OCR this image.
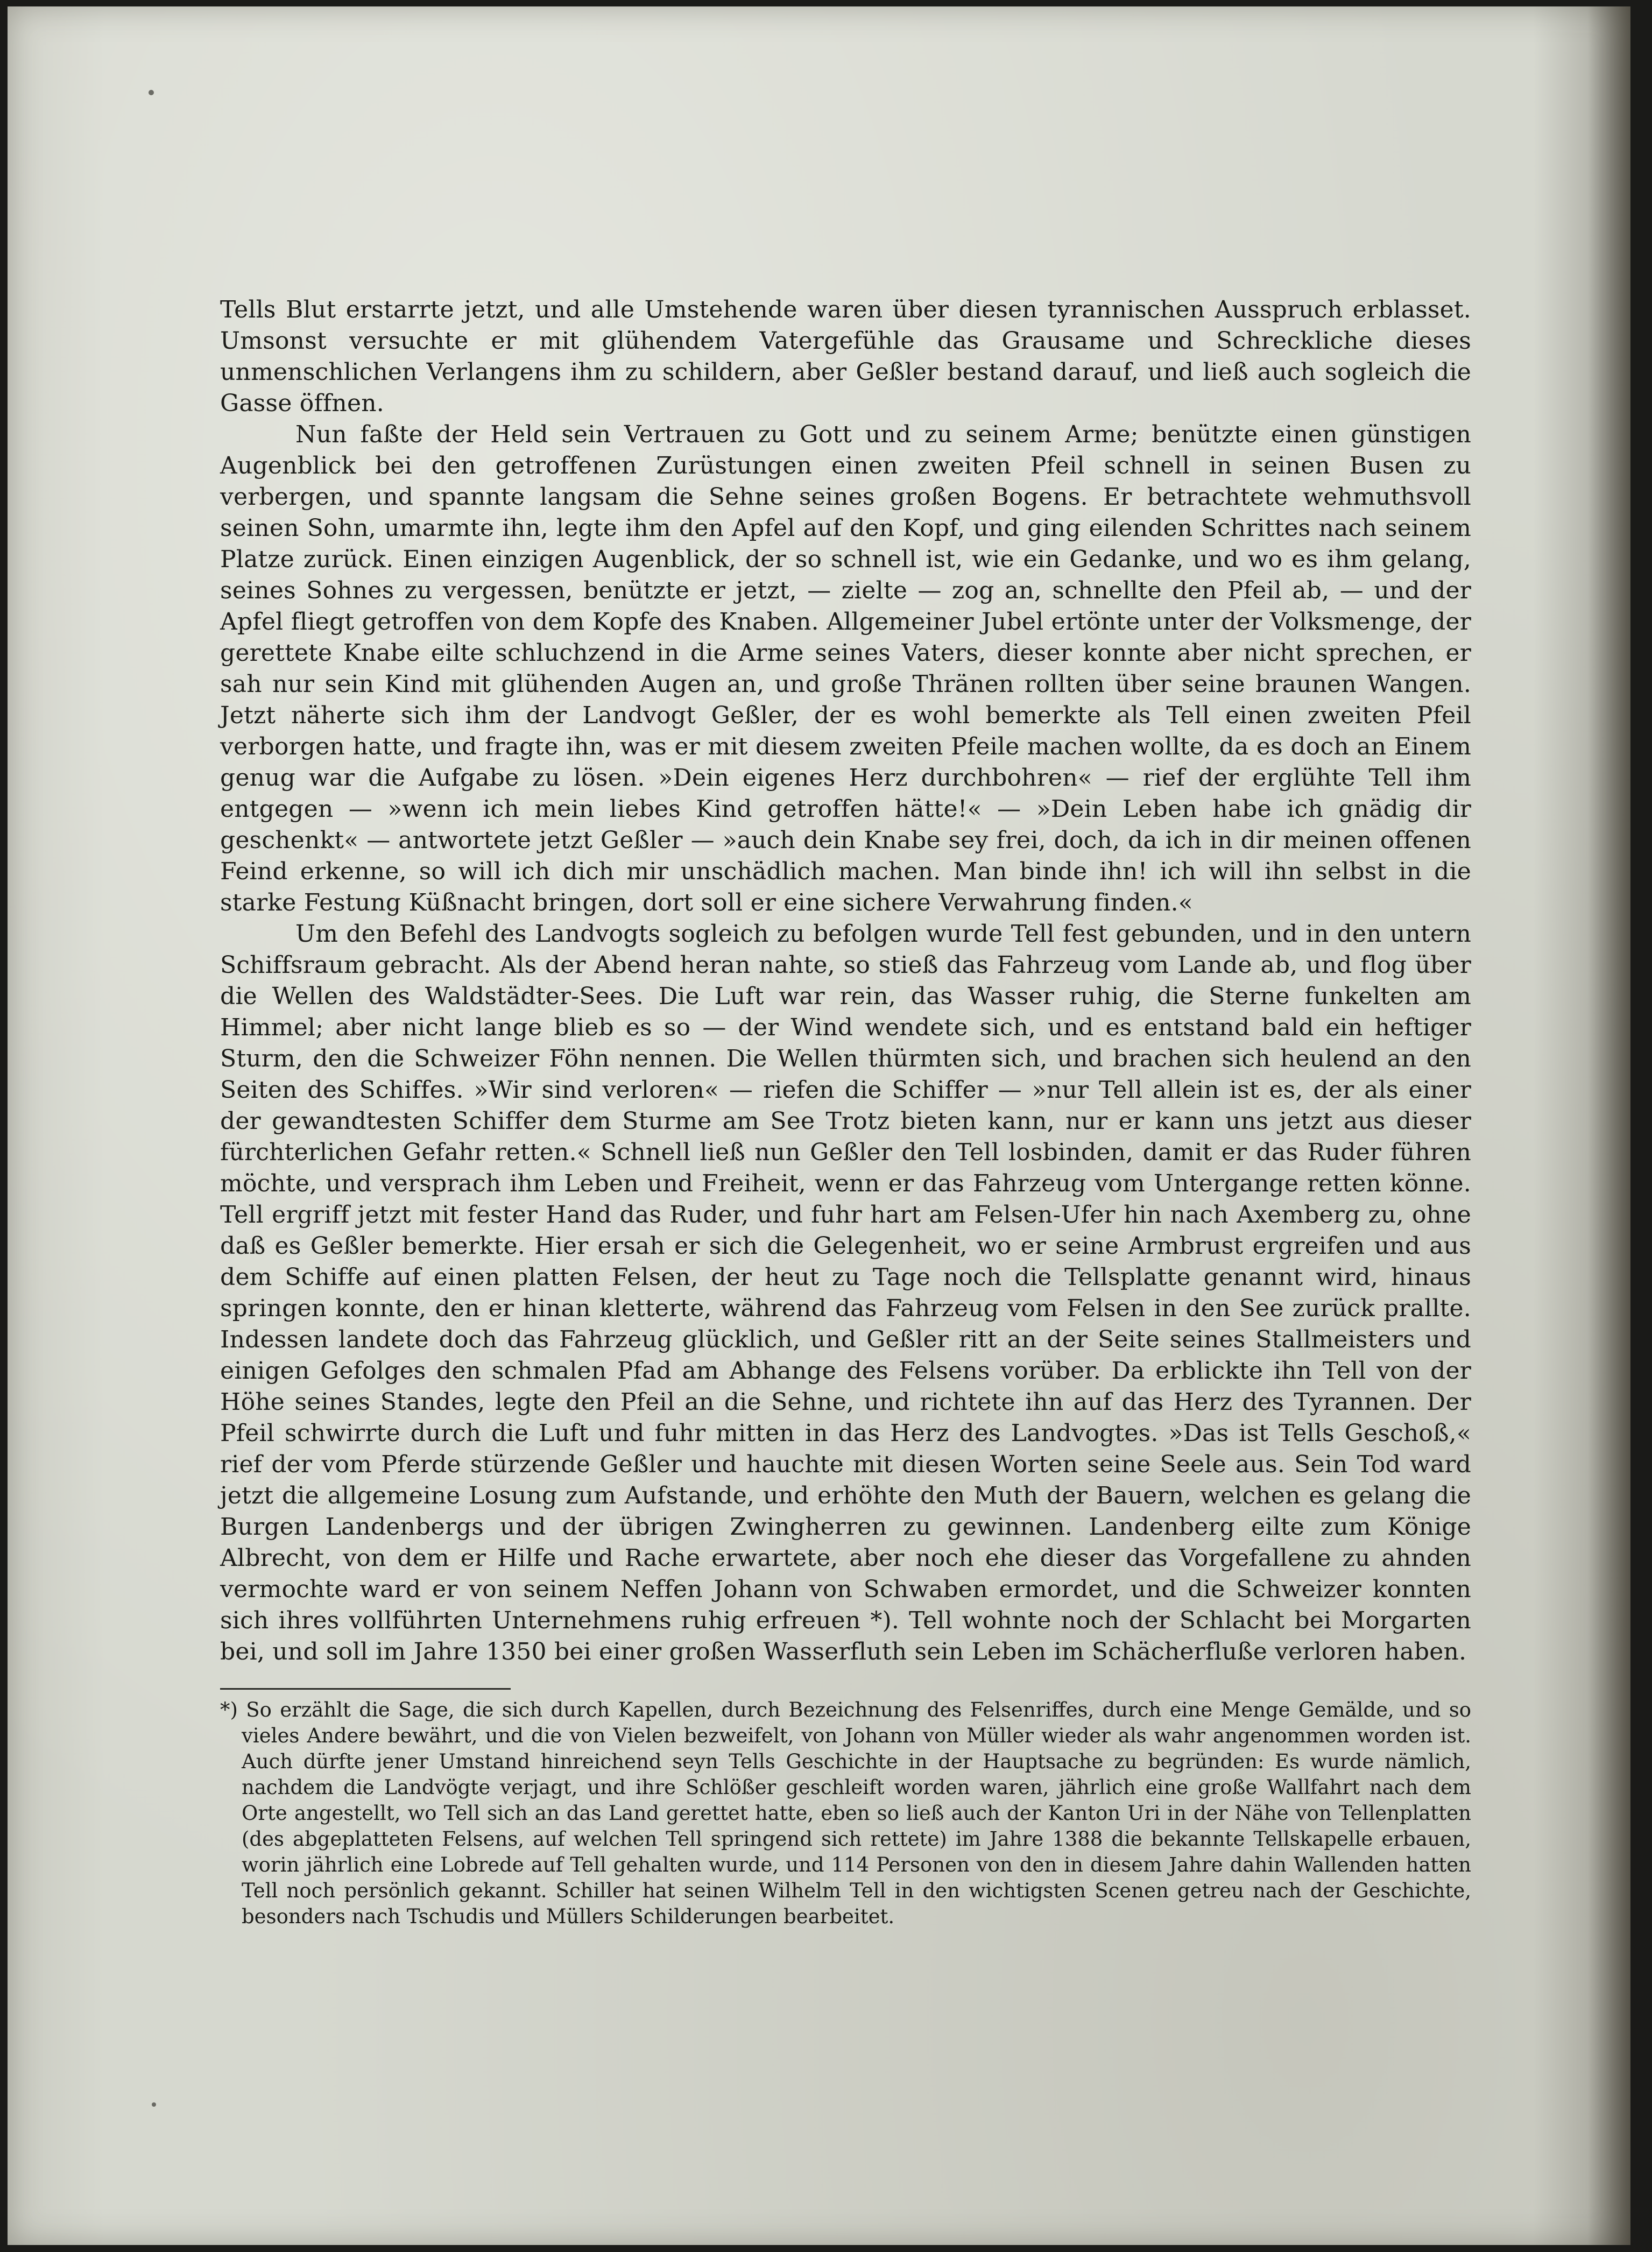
Tells Blut erstarrte jetzt, und alle Umstehende waren über diesen tyrannischen Ausspruch erblasset. Umsonst versuchte er mit glühendem Vatergefühle das Grausame und Schreckliche dieses unmenschlichen Verlangens ihm zu schildern, aber Geßler bestand darauf, und ließ auch sogleich die Gasse öffnen.

Nun faßte der Held sein Vertrauen zu Gott und zu seinem Arme; benützte einen günstigen Augenblick bei den getroffenen Zurüstungen einen zweiten Pfeil schnell in seinen Busen zu verbergen, und spannte langsam die Sehne seines großen Bogens. Er betrachtete wehmuthsvoll seinen Sohn, umarmte ihn, legte ihm den Apfel auf den Kopf, und ging eilenden Schrittes nach seinem Platze zurück. Einen einzigen Augenblick, der so schnell ist, wie ein Gedanke, und wo es ihm gelang, seines Sohnes zu vergessen, benützte er jetzt, — zielte — zog an, schnellte den Pfeil ab, — und der Apfel fliegt getroffen von dem Kopfe des Knaben. Allgemeiner Jubel ertönte unter der Volksmenge, der gerettete Knabe eilte schluchzend in die Arme seines Vaters, dieser konnte aber nicht sprechen, er sah nur sein Kind mit glühenden Augen an, und große Thränen rollten über seine braunen Wangen. Jetzt näherte sich ihm der Landvogt Geßler, der es wohl bemerkte als Tell einen zweiten Pfeil verborgen hatte, und fragte ihn, was er mit diesem zweiten Pfeile machen wollte, da es doch an Einem genug war die Aufgabe zu lösen. »Dein eigenes Herz durchbohren« — rief der erglühte Tell ihm entgegen — »wenn ich mein liebes Kind getroffen hätte!« — »Dein Leben habe ich gnädig dir geschenkt« — antwortete jetzt Geßler — »auch dein Knabe sey frei, doch, da ich in dir meinen offenen Feind erkenne, so will ich dich mir unschädlich machen. Man binde ihn! ich will ihn selbst in die starke Festung Küßnacht bringen, dort soll er eine sichere Verwahrung finden.«

Um den Befehl des Landvogts sogleich zu befolgen wurde Tell fest gebunden, und in den untern Schiffsraum gebracht. Als der Abend heran nahte, so stieß das Fahrzeug vom Lande ab, und flog über die Wellen des Waldstädter-Sees. Die Luft war rein, das Wasser ruhig, die Sterne funkelten am Himmel; aber nicht lange blieb es so — der Wind wendete sich, und es entstand bald ein heftiger Sturm, den die Schweizer Föhn nennen. Die Wellen thürmten sich, und brachen sich heulend an den Seiten des Schiffes. »Wir sind verloren« — riefen die Schiffer — »nur Tell allein ist es, der als einer der gewandtesten Schiffer dem Sturme am See Trotz bieten kann, nur er kann uns jetzt aus dieser fürchterlichen Gefahr retten.« Schnell ließ nun Geßler den Tell losbinden, damit er das Ruder führen möchte, und versprach ihm Leben und Freiheit, wenn er das Fahrzeug vom Untergange retten könne. Tell ergriff jetzt mit fester Hand das Ruder, und fuhr hart am Felsen-Ufer hin nach Axemberg zu, ohne daß es Geßler bemerkte. Hier ersah er sich die Gelegenheit, wo er seine Armbrust ergreifen und aus dem Schiffe auf einen platten Felsen, der heut zu Tage noch die Tellsplatte genannt wird, hinaus springen konnte, den er hinan kletterte, während das Fahrzeug vom Felsen in den See zurück prallte. Indessen landete doch das Fahrzeug glücklich, und Geßler ritt an der Seite seines Stallmeisters und einigen Gefolges den schmalen Pfad am Abhange des Felsens vorüber. Da erblickte ihn Tell von der Höhe seines Standes, legte den Pfeil an die Sehne, und richtete ihn auf das Herz des Tyrannen. Der Pfeil schwirrte durch die Luft und fuhr mitten in das Herz des Landvogtes. »Das ist Tells Geschoß,« rief der vom Pferde stürzende Geßler und hauchte mit diesen Worten seine Seele aus. Sein Tod ward jetzt die allgemeine Losung zum Aufstande, und erhöhte den Muth der Bauern, welchen es gelang die Burgen Landenbergs und der übrigen Zwingherren zu gewinnen. Landenberg eilte zum Könige Albrecht, von dem er Hilfe und Rache erwartete, aber noch ehe dieser das Vorgefallene zu ahnden vermochte ward er von seinem Neffen Johann von Schwaben ermordet, und die Schweizer konnten sich ihres vollführten Unternehmens ruhig erfreuen *). Tell wohnte noch der Schlacht bei Morgarten bei, und soll im Jahre 1350 bei einer großen Wasserfluth sein Leben im Schächerfluße verloren haben.

*) So erzählt die Sage, die sich durch Kapellen, durch Bezeichnung des Felsenriffes, durch eine Menge Gemälde, und so vieles Andere bewährt, und die von Vielen bezweifelt, von Johann von Müller wieder als wahr angenommen worden ist. Auch dürfte jener Umstand hinreichend seyn Tells Geschichte in der Hauptsache zu begründen: Es wurde nämlich, nachdem die Landvögte verjagt, und ihre Schlößer geschleift worden waren, jährlich eine große Wallfahrt nach dem Orte angestellt, wo Tell sich an das Land gerettet hatte, eben so ließ auch der Kanton Uri in der Nähe von Tellenplatten (des abgeplatteten Felsens, auf welchen Tell springend sich rettete) im Jahre 1388 die bekannte Tellskapelle erbauen, worin jährlich eine Lobrede auf Tell gehalten wurde, und 114 Personen von den in diesem Jahre dahin Wallenden hatten Tell noch persönlich gekannt. Schiller hat seinen Wilhelm Tell in den wichtigsten Scenen getreu nach der Geschichte, besonders nach Tschudis und Müllers Schilderungen bearbeitet.
